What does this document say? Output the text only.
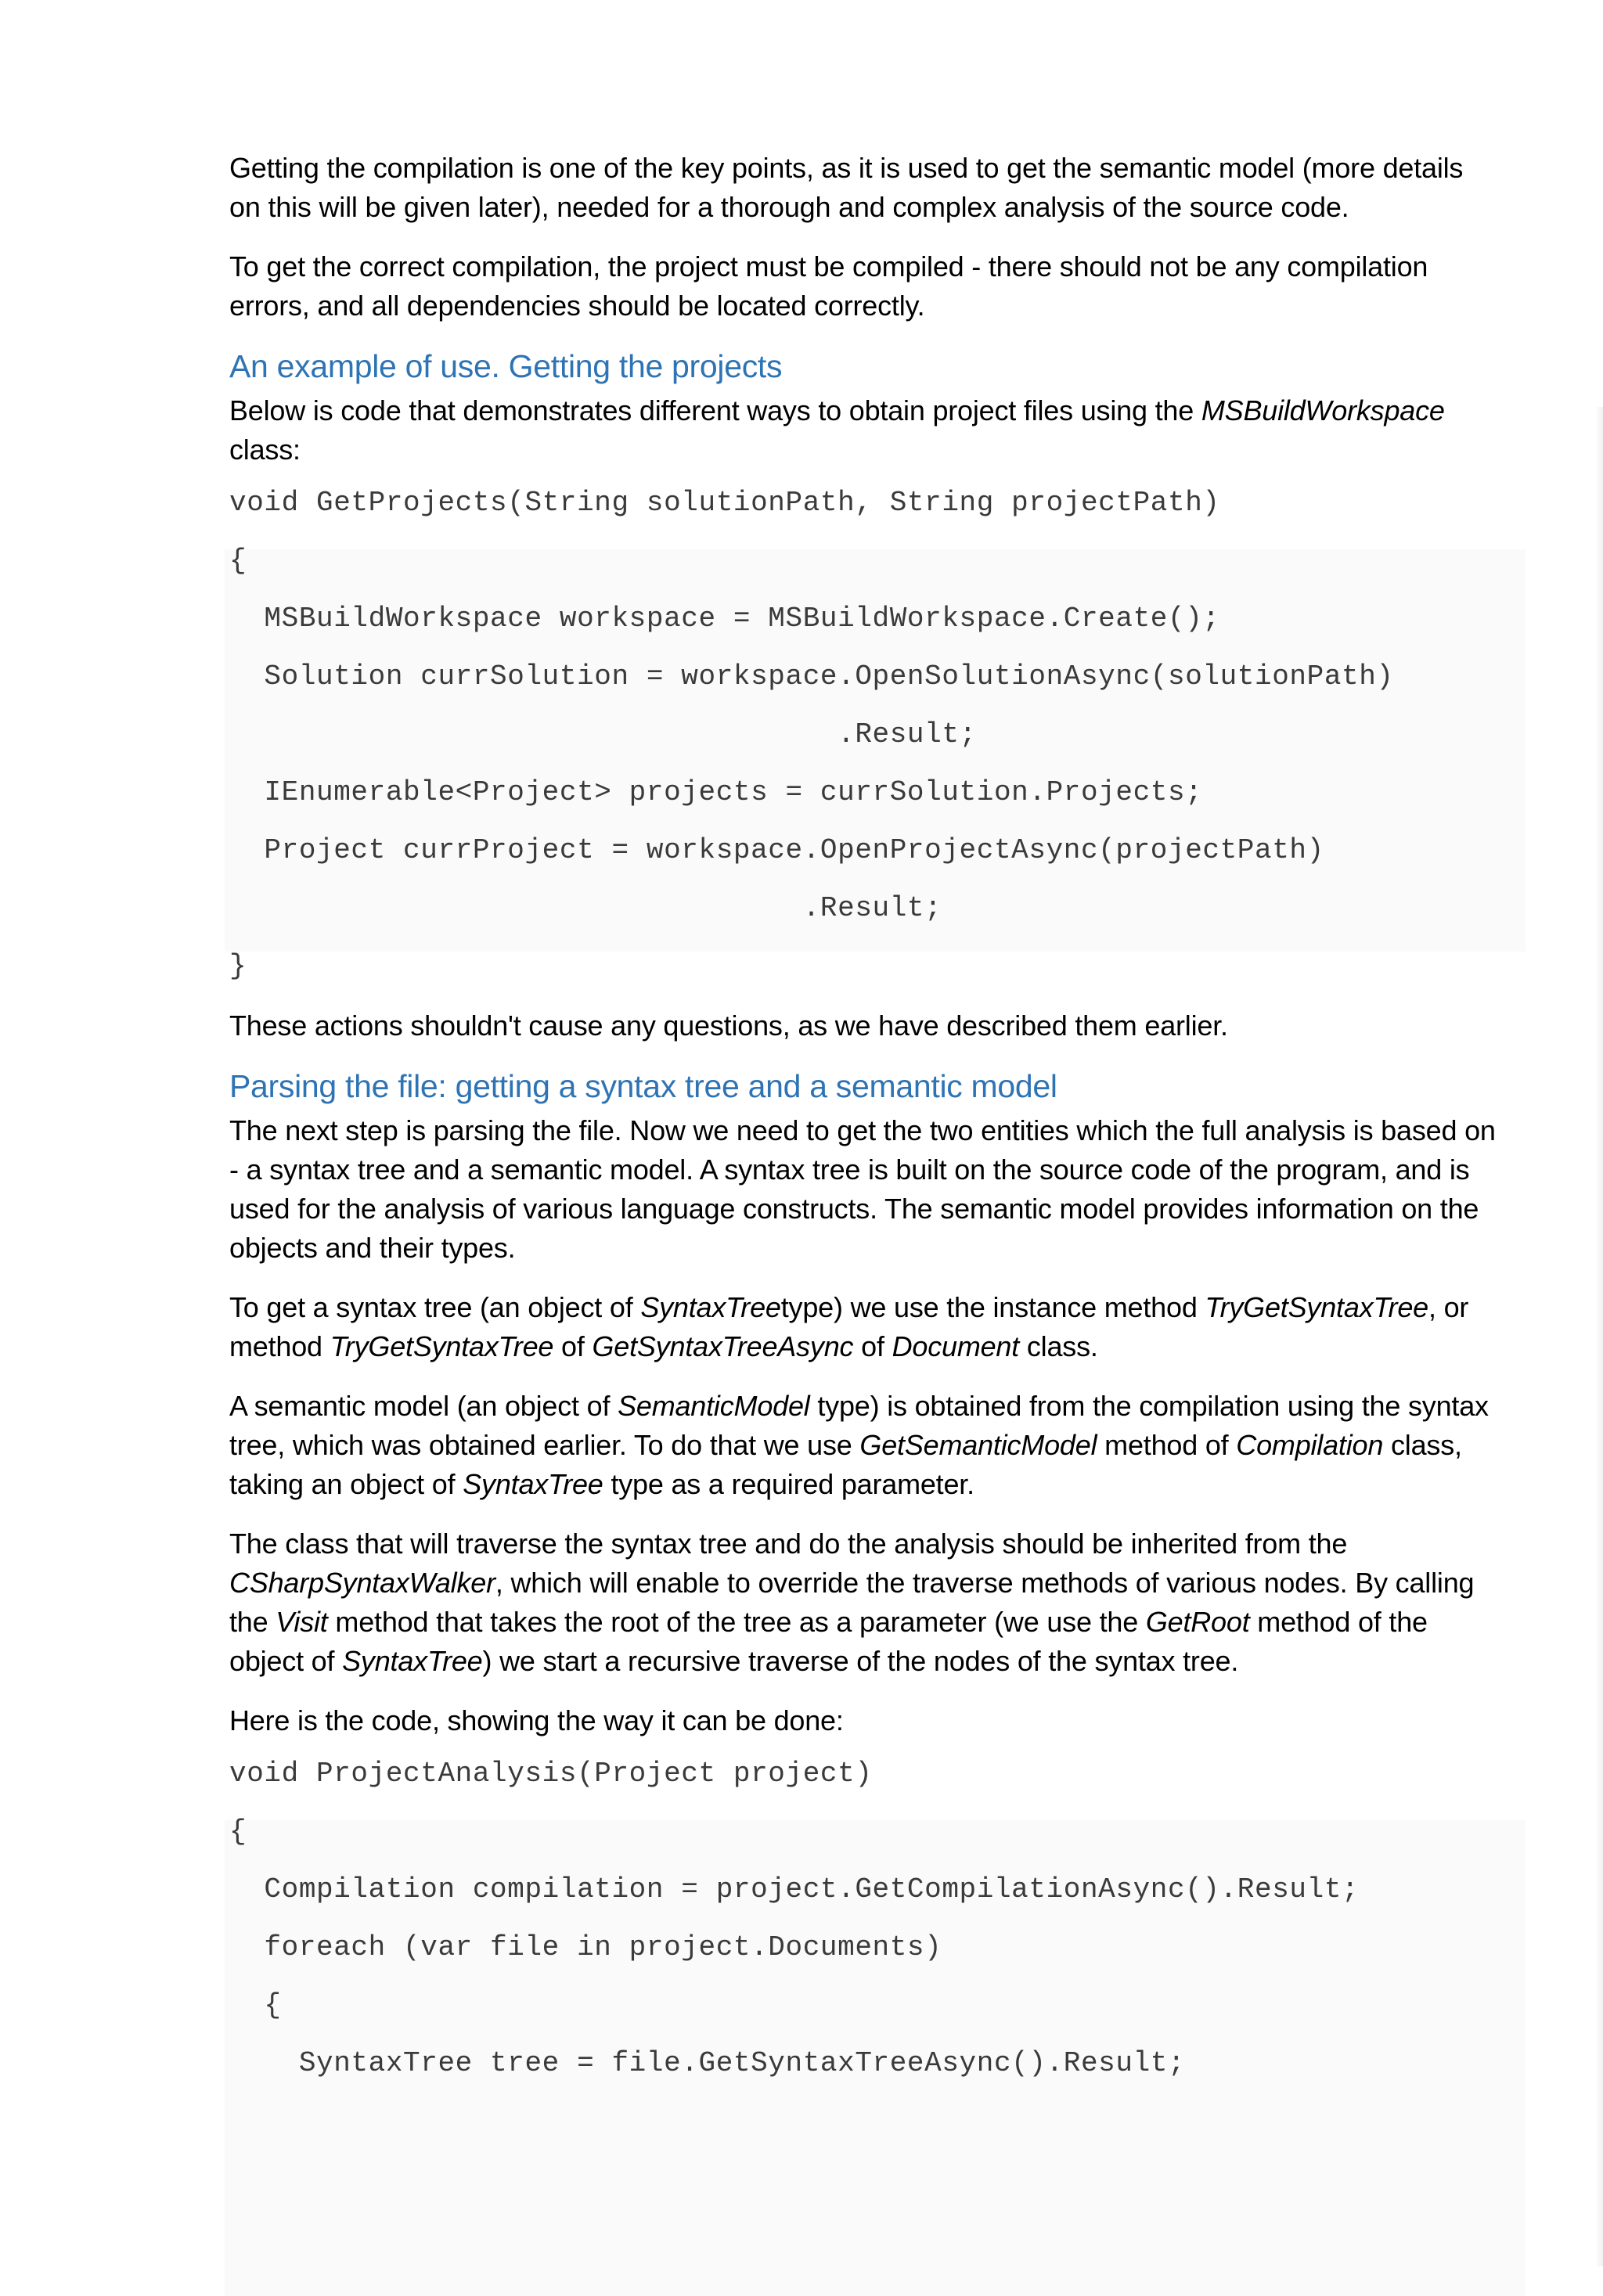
Getting the compilation is one of the key points, as it is used to get the semantic model (more details on this will be given later), needed for a thorough and complex analysis of the source code.

To get the correct compilation, the project must be compiled - there should not be any compilation errors, and all dependencies should be located correctly.

An example of use. Getting the projects

Below is code that demonstrates different ways to obtain project files using the MSBuildWorkspace class:

void GetProjects(String solutionPath, String projectPath)
{
MSBuildWorkspace workspace = MSBuildWorkspace.Create();
Solution currSolution = workspace.OpenSolutionAsync(solutionPath)
.Result;
IEnumerable<Project> projects = currSolution.Projects;
Project currProject = workspace.OpenProjectAsync(projectPath)
.Result;
}

These actions shouldn't cause any questions, as we have described them earlier.

Parsing the file: getting a syntax tree and a semantic model

The next step is parsing the file. Now we need to get the two entities which the full analysis is based on - a syntax tree and a semantic model. A syntax tree is built on the source code of the program, and is used for the analysis of various language constructs. The semantic model provides information on the objects and their types.

To get a syntax tree (an object of SyntaxTreetype) we use the instance method TryGetSyntaxTree, or method TryGetSyntaxTree of GetSyntaxTreeAsync of Document class.

A semantic model (an object of SemanticModel type) is obtained from the compilation using the syntax tree, which was obtained earlier. To do that we use GetSemanticModel method of Compilation class, taking an object of SyntaxTree type as a required parameter.

The class that will traverse the syntax tree and do the analysis should be inherited from the CSharpSyntaxWalker, which will enable to override the traverse methods of various nodes. By calling the Visit method that takes the root of the tree as a parameter (we use the GetRoot method of the object of SyntaxTree) we start a recursive traverse of the nodes of the syntax tree.

Here is the code, showing the way it can be done:

void ProjectAnalysis(Project project)
{
Compilation compilation = project.GetCompilationAsync().Result;
foreach (var file in project.Documents)
{
SyntaxTree tree = file.GetSyntaxTreeAsync().Result;
